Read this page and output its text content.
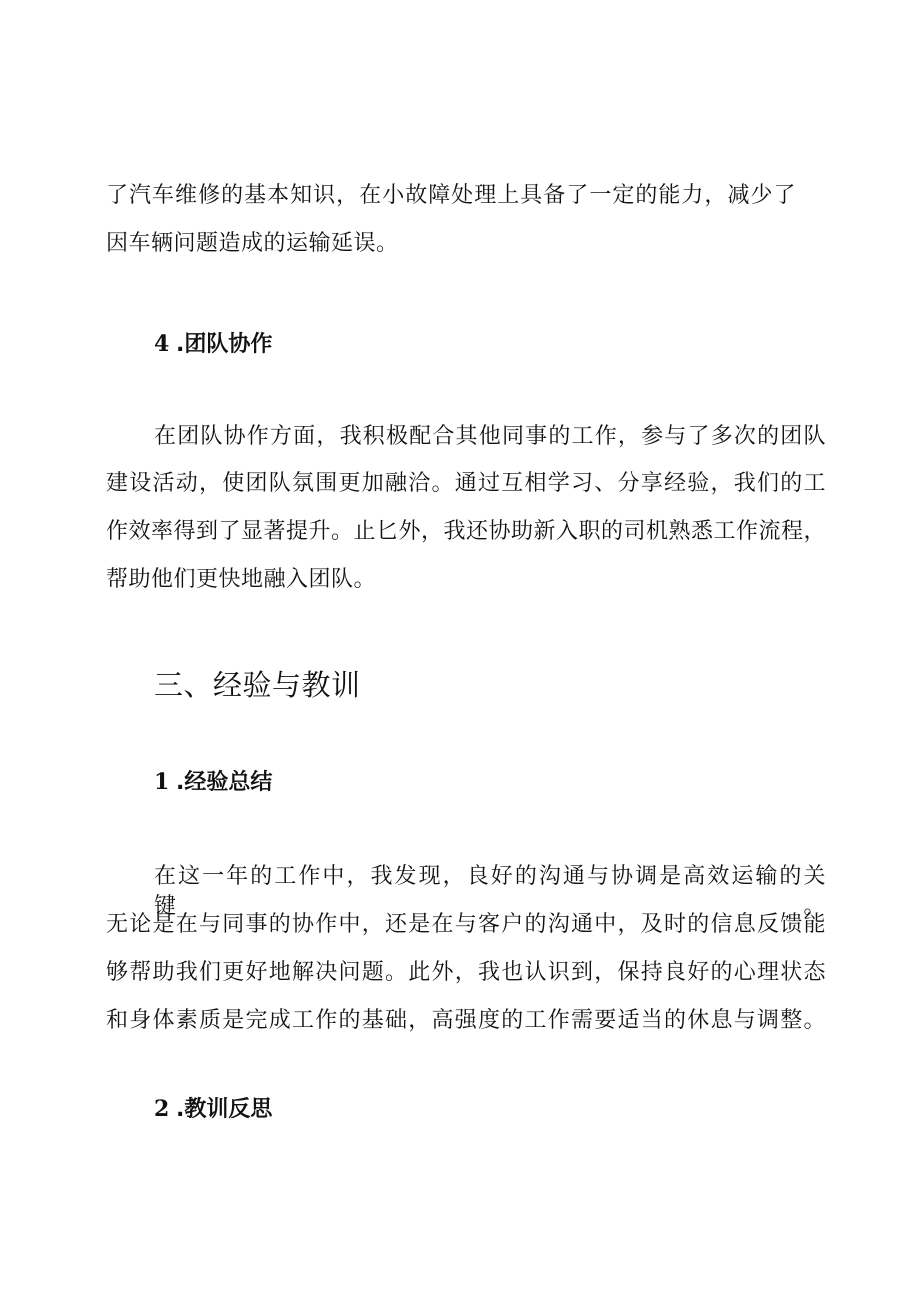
了汽车维修的基本知识，在小故障处理上具备了一定的能力，减少了
因车辆问题造成的运输延误。
4 .团队协作
在团队协作方面，我积极配合其他同事的工作，参与了多次的团队
建设活动，使团队氛围更加融洽。通过互相学习、分享经验，我们的工
作效率得到了显著提升。止匕外，我还协助新入职的司机熟悉工作流程，
帮助他们更快地融入团队。
三、经验与教训
1 .经验总结
在这一年的工作中，我发现，良好的沟通与协调是高效运输的关键。
无论是在与同事的协作中，还是在与客户的沟通中，及时的信息反馈能
够帮助我们更好地解决问题。此外，我也认识到，保持良好的心理状态
和身体素质是完成工作的基础，高强度的工作需要适当的休息与调整。
2 .教训反思
